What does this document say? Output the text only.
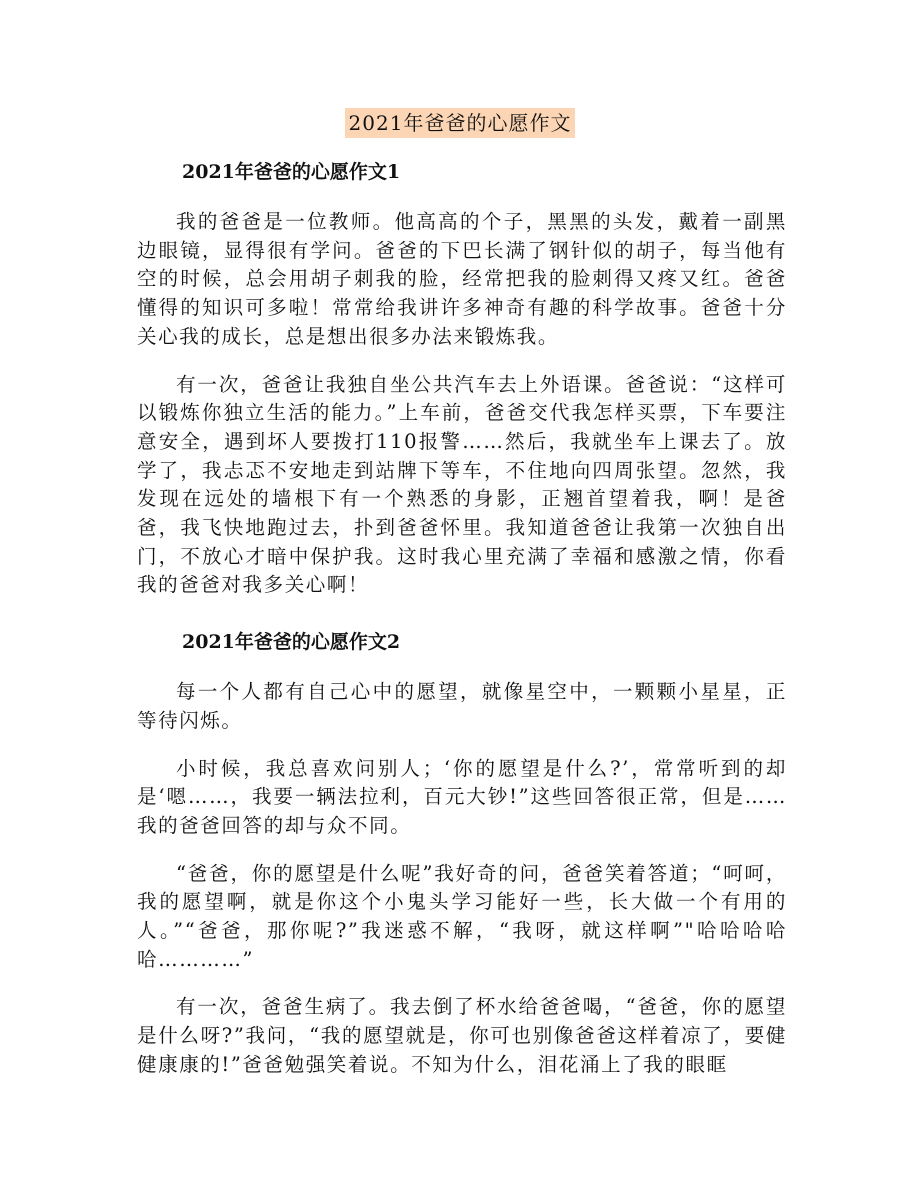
2021年爸爸的心愿作文
2021年爸爸的心愿作文1

我的爸爸是一位教师。他高高的个子，黑黑的头发，戴着一副黑边眼镜，显得很有学问。爸爸的下巴长满了钢针似的胡子，每当他有空的时候，总会用胡子刺我的脸，经常把我的脸刺得又疼又红。爸爸懂得的知识可多啦！常常给我讲许多神奇有趣的科学故事。爸爸十分关心我的成长，总是想出很多办法来锻炼我。

有一次，爸爸让我独自坐公共汽车去上外语课。爸爸说：“这样可以锻炼你独立生活的能力。”上车前，爸爸交代我怎样买票，下车要注意安全，遇到坏人要拨打110报警……然后，我就坐车上课去了。放学了，我忐忑不安地走到站牌下等车，不住地向四周张望。忽然，我发现在远处的墙根下有一个熟悉的身影，正翘首望着我，啊！是爸爸，我飞快地跑过去，扑到爸爸怀里。我知道爸爸让我第一次独自出门，不放心才暗中保护我。这时我心里充满了幸福和感激之情，你看我的爸爸对我多关心啊！

2021年爸爸的心愿作文2

每一个人都有自己心中的愿望，就像星空中，一颗颗小星星，正等待闪烁。

小时候，我总喜欢问别人；‘你的愿望是什么?’，常常听到的却是‘嗯……，我要一辆法拉利，百元大钞!”这些回答很正常，但是……我的爸爸回答的却与众不同。

“爸爸，你的愿望是什么呢”我好奇的问，爸爸笑着答道；“呵呵，我的愿望啊，就是你这个小鬼头学习能好一些，长大做一个有用的人。”“爸爸，那你呢?”我迷惑不解，“我呀，就这样啊”"哈哈哈哈哈…………”

有一次，爸爸生病了。我去倒了杯水给爸爸喝，“爸爸，你的愿望是什么呀?”我问，“我的愿望就是，你可也别像爸爸这样着凉了，要健健康康的!”爸爸勉强笑着说。不知为什么，泪花涌上了我的眼眶
